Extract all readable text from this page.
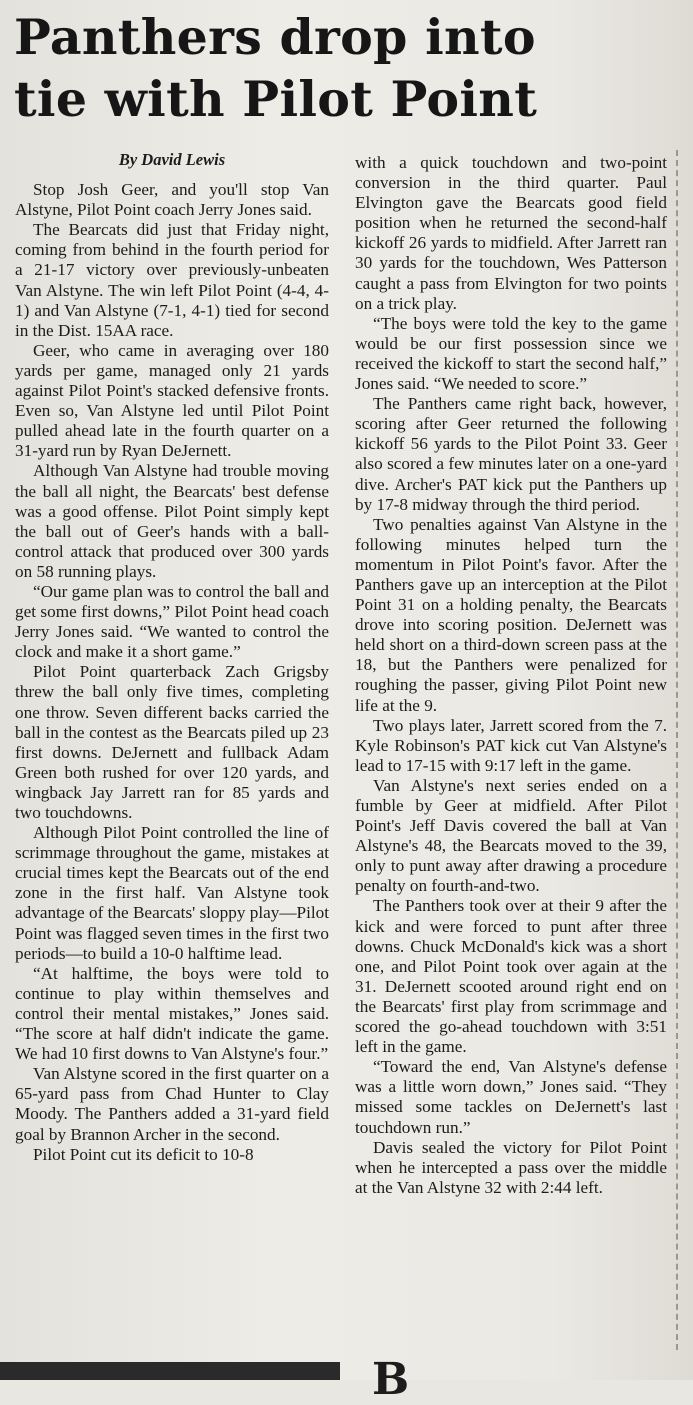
Panthers drop into
tie with Pilot Point
By David Lewis

Stop Josh Geer, and you'll stop Van Alstyne, Pilot Point coach Jerry Jones said.

The Bearcats did just that Friday night, coming from behind in the fourth period for a 21-17 victory over previously-unbeaten Van Alstyne. The win left Pilot Point (4-4, 4-1) and Van Alstyne (7-1, 4-1) tied for second in the Dist. 15AA race.

Geer, who came in averaging over 180 yards per game, managed only 21 yards against Pilot Point's stacked defensive fronts. Even so, Van Alstyne led until Pilot Point pulled ahead late in the fourth quarter on a 31-yard run by Ryan DeJernett.

Although Van Alstyne had trouble moving the ball all night, the Bearcats' best defense was a good offense. Pilot Point simply kept the ball out of Geer's hands with a ball-control attack that produced over 300 yards on 58 running plays.

“Our game plan was to control the ball and get some first downs,” Pilot Point head coach Jerry Jones said. “We wanted to control the clock and make it a short game.”

Pilot Point quarterback Zach Grigsby threw the ball only five times, completing one throw. Seven different backs carried the ball in the contest as the Bearcats piled up 23 first downs. DeJernett and fullback Adam Green both rushed for over 120 yards, and wingback Jay Jarrett ran for 85 yards and two touchdowns.

Although Pilot Point controlled the line of scrimmage throughout the game, mistakes at crucial times kept the Bearcats out of the end zone in the first half. Van Alstyne took advantage of the Bearcats' sloppy play—Pilot Point was flagged seven times in the first two periods—to build a 10-0 halftime lead.

“At halftime, the boys were told to continue to play within themselves and control their mental mistakes,” Jones said. “The score at half didn't indicate the game. We had 10 first downs to Van Alstyne's four.”

Van Alstyne scored in the first quarter on a 65-yard pass from Chad Hunter to Clay Moody. The Panthers added a 31-yard field goal by Brannon Archer in the second.

Pilot Point cut its deficit to 10-8

with a quick touchdown and two-point conversion in the third quarter. Paul Elvington gave the Bearcats good field position when he returned the second-half kickoff 26 yards to midfield. After Jarrett ran 30 yards for the touchdown, Wes Patterson caught a pass from Elvington for two points on a trick play.

“The boys were told the key to the game would be our first possession since we received the kickoff to start the second half,” Jones said. “We needed to score.”

The Panthers came right back, however, scoring after Geer returned the following kickoff 56 yards to the Pilot Point 33. Geer also scored a few minutes later on a one-yard dive. Archer's PAT kick put the Panthers up by 17-8 midway through the third period.

Two penalties against Van Alstyne in the following minutes helped turn the momentum in Pilot Point's favor. After the Panthers gave up an interception at the Pilot Point 31 on a holding penalty, the Bearcats drove into scoring position. DeJernett was held short on a third-down screen pass at the 18, but the Panthers were penalized for roughing the passer, giving Pilot Point new life at the 9.

Two plays later, Jarrett scored from the 7. Kyle Robinson's PAT kick cut Van Alstyne's lead to 17-15 with 9:17 left in the game.

Van Alstyne's next series ended on a fumble by Geer at midfield. After Pilot Point's Jeff Davis covered the ball at Van Alstyne's 48, the Bearcats moved to the 39, only to punt away after drawing a procedure penalty on fourth-and-two.

The Panthers took over at their 9 after the kick and were forced to punt after three downs. Chuck McDonald's kick was a short one, and Pilot Point took over again at the 31. DeJernett scooted around right end on the Bearcats' first play from scrimmage and scored the go-ahead touchdown with 3:51 left in the game.

“Toward the end, Van Alstyne's defense was a little worn down,” Jones said. “They missed some tackles on DeJernett's last touchdown run.”

Davis sealed the victory for Pilot Point when he intercepted a pass over the middle at the Van Alstyne 32 with 2:44 left.

B
